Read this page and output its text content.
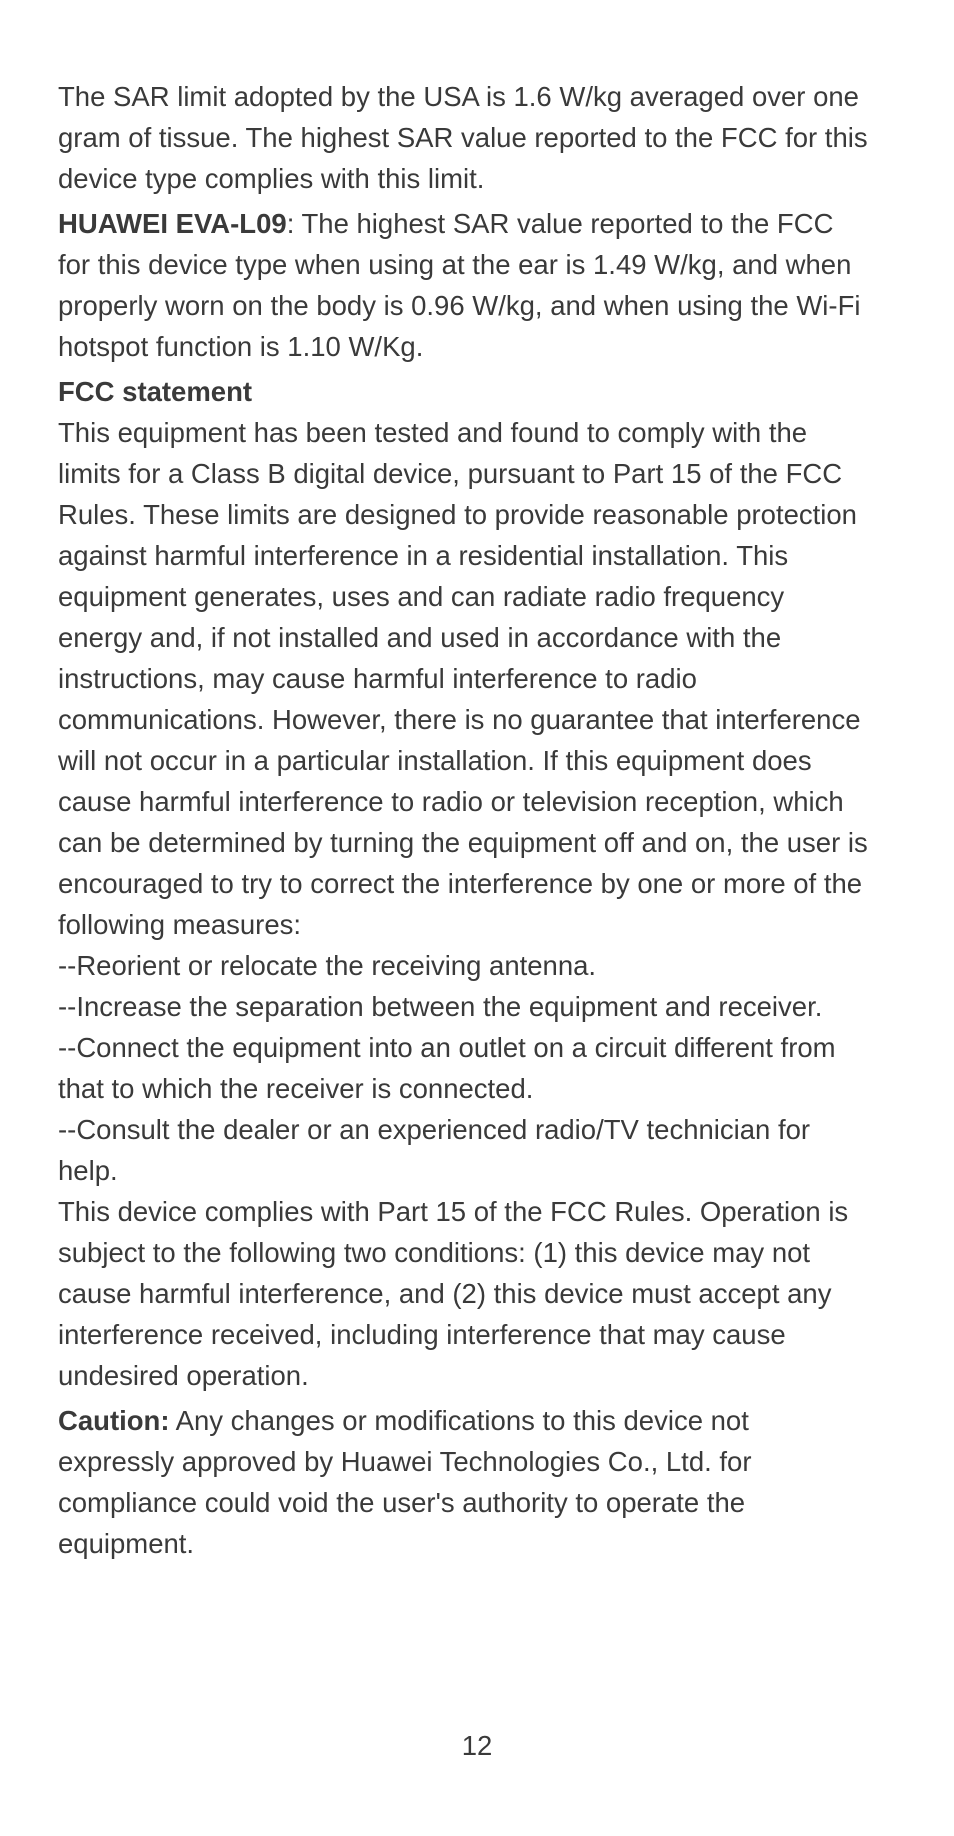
The SAR limit adopted by the USA is 1.6 W/kg averaged over one gram of tissue. The highest SAR value reported to the FCC for this device type complies with this limit.

HUAWEI EVA-L09: The highest SAR value reported to the FCC for this device type when using at the ear is 1.49 W/kg, and when properly worn on the body is 0.96 W/kg, and when using the Wi-Fi hotspot function is 1.10 W/Kg.

FCC statement

This equipment has been tested and found to comply with the limits for a Class B digital device, pursuant to Part 15 of the FCC Rules. These limits are designed to provide reasonable protection against harmful interference in a residential installation. This equipment generates, uses and can radiate radio frequency energy and, if not installed and used in accordance with the instructions, may cause harmful interference to radio communications. However, there is no guarantee that interference will not occur in a particular installation. If this equipment does cause harmful interference to radio or television reception, which can be determined by turning the equipment off and on, the user is encouraged to try to correct the interference by one or more of the following measures:

--Reorient or relocate the receiving antenna.

--Increase the separation between the equipment and receiver.

--Connect the equipment into an outlet on a circuit different from that to which the receiver is connected.

--Consult the dealer or an experienced radio/TV technician for help.

This device complies with Part 15 of the FCC Rules. Operation is subject to the following two conditions: (1) this device may not cause harmful interference, and (2) this device must accept any interference received, including interference that may cause undesired operation.

Caution: Any changes or modifications to this device not expressly approved by Huawei Technologies Co., Ltd. for compliance could void the user's authority to operate the equipment.

12
